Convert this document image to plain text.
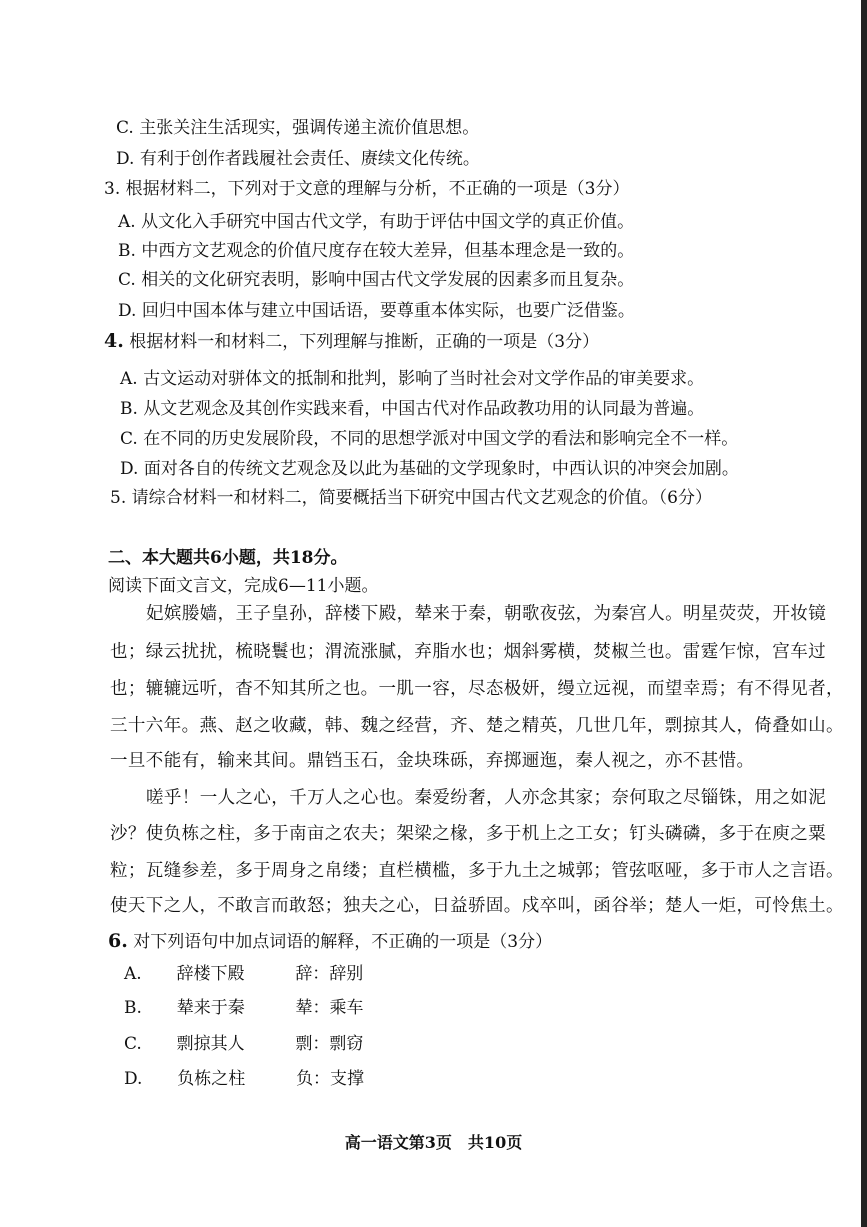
C. 主张关注生活现实，强调传递主流价值思想。
D. 有利于创作者践履社会责任、赓续文化传统。
3. 根据材料二，下列对于文意的理解与分析，不正确的一项是（3分）
A. 从文化入手研究中国古代文学，有助于评估中国文学的真正价值。
B. 中西方文艺观念的价值尺度存在较大差异，但基本理念是一致的。
C. 相关的文化研究表明，影响中国古代文学发展的因素多而且复杂。
D. 回归中国本体与建立中国话语，要尊重本体实际，也要广泛借鉴。
4. 根据材料一和材料二，下列理解与推断，正确的一项是（3分）
A. 古文运动对骈体文的抵制和批判，影响了当时社会对文学作品的审美要求。
B. 从文艺观念及其创作实践来看，中国古代对作品政教功用的认同最为普遍。
C. 在不同的历史发展阶段，不同的思想学派对中国文学的看法和影响完全不一样。
D. 面对各自的传统文艺观念及以此为基础的文学现象时，中西认识的冲突会加剧。
5. 请综合材料一和材料二，简要概括当下研究中国古代文艺观念的价值。（6分）
二、本大题共6小题，共18分。
阅读下面文言文，完成6—11小题。
妃嫔媵嫱，王子皇孙，辞楼下殿，辇来于秦，朝歌夜弦，为秦宫人。明星荧荧，开妆镜
也；绿云扰扰，梳晓鬟也；渭流涨腻，弃脂水也；烟斜雾横，焚椒兰也。雷霆乍惊，宫车过
也；辘辘远听，杳不知其所之也。一肌一容，尽态极妍，缦立远视，而望幸焉；有不得见者，
三十六年。燕、赵之收藏，韩、魏之经营，齐、楚之精英，几世几年，剽掠其人，倚叠如山。
一旦不能有，输来其间。鼎铛玉石，金块珠砾，弃掷逦迤，秦人视之，亦不甚惜。
嗟乎！一人之心，千万人之心也。秦爱纷奢，人亦念其家；奈何取之尽锱铢，用之如泥
沙？使负栋之柱，多于南亩之农夫；架梁之椽，多于机上之工女；钉头磷磷，多于在庾之粟
粒；瓦缝参差，多于周身之帛缕；直栏横槛，多于九土之城郭；管弦呕哑，多于市人之言语。
使天下之人，不敢言而敢怒；独夫之心，日益骄固。戍卒叫，函谷举；楚人一炬，可怜焦土。
6. 对下列语句中加点词语的解释，不正确的一项是（3分）
A. 辞楼下殿	辞：辞别
B. 辇来于秦	辇：乘车
C. 剽掠其人	剽：剽窃
D. 负栋之柱	负：支撑
高一语文第3页　共10页
